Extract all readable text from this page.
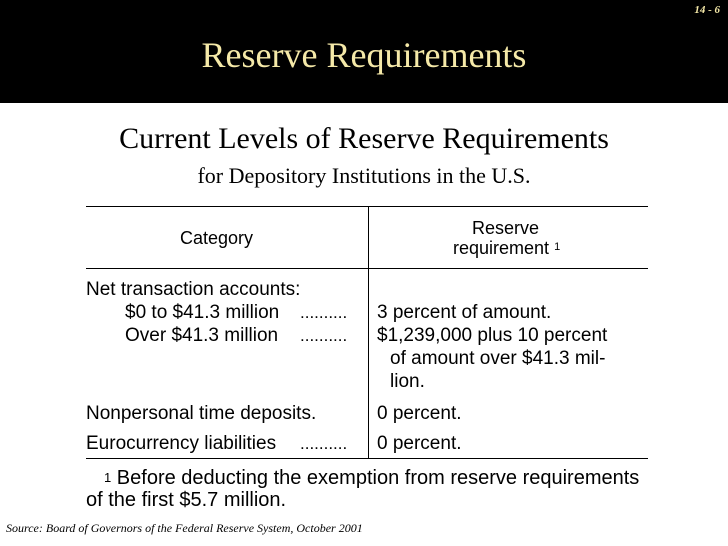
14 - 6
Reserve Requirements
Current Levels of Reserve Requirements
for Depository Institutions in the U.S.
Category	Reserve
requirement $^1$
Net transaction accounts:
$0 to $41.3 million ..........
Over $41.3 million ..........
Nonpersonal time deposits.
Eurocurrency liabilities ..........
3 percent of amount.
$1,239,000 plus 10 percent
of amount over $41.3 mil-
lion.
0 percent.
0 percent.
$^1$ Before deducting the exemption from reserve requirements
of the first $5.7 million.
Source: Board of Governors of the Federal Reserve System, October 2001
